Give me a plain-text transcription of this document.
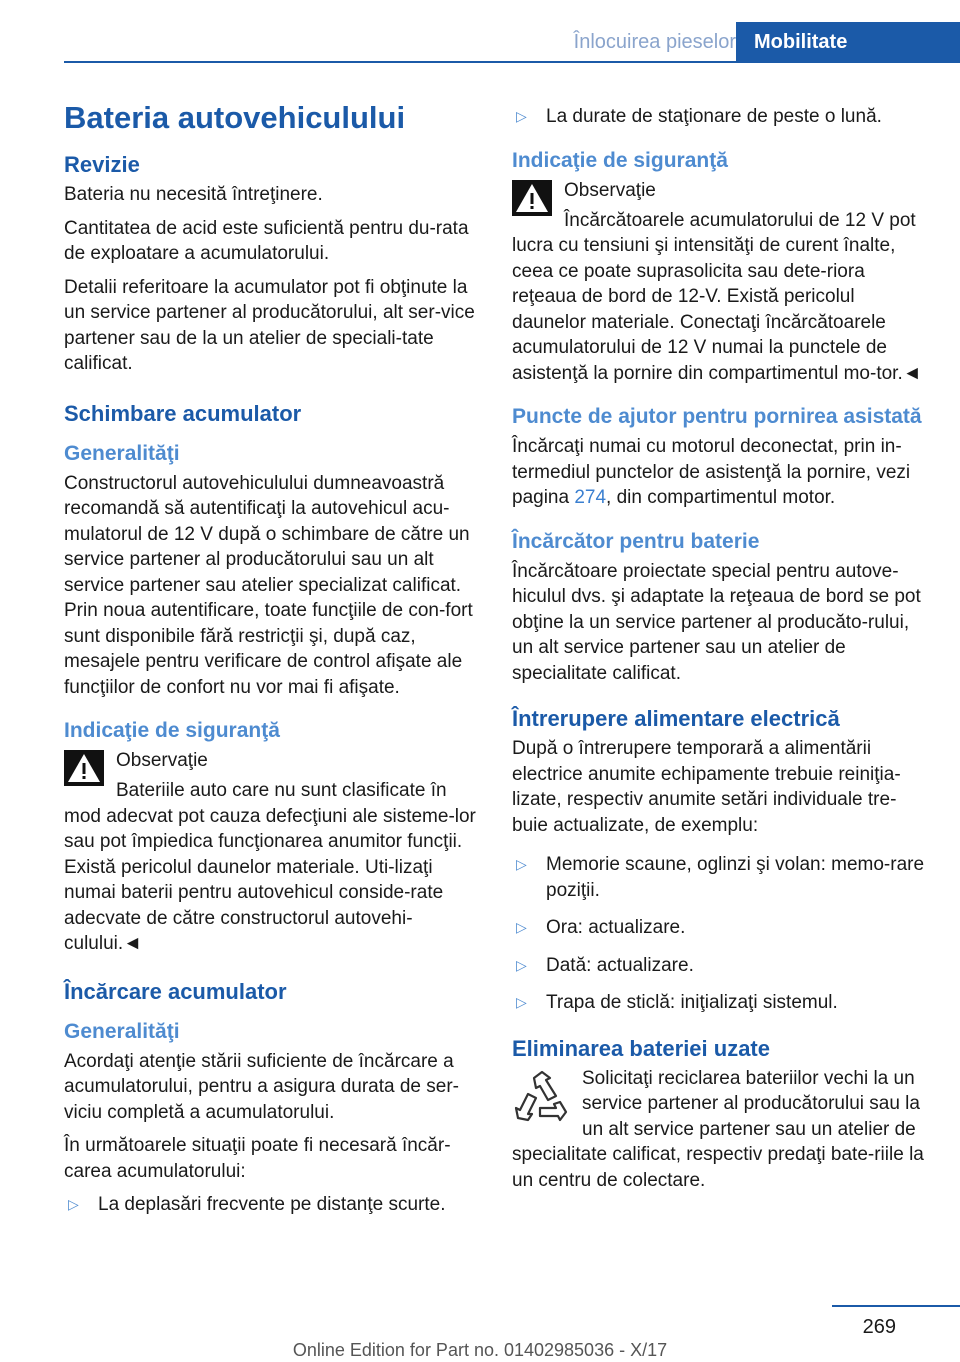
Înlocuirea pieselor Mobilitate
Bateria autovehiculului
Revizie

Bateria nu necesită întreţinere.

Cantitatea de acid este suficientă pentru du‐rata de exploatare a acumulatorului.

Detalii referitoare la acumulator pot fi obţinute la un service partener al producătorului, alt ser‐vice partener sau de la un atelier de speciali‐tate calificat.

Schimbare acumulator
Generalităţi

Constructorul autovehiculului dumneavoastră recomandă să autentificaţi la autovehicul acu‐mulatorul de 12 V după o schimbare de către un service partener al producătorului sau un alt service partener sau atelier specializat calificat. Prin noua autentificare, toate funcţiile de con‐fort sunt disponibile fără restricţii şi, după caz, mesajele pentru verificare de control afişate ale funcţiilor de confort nu vor mai fi afişate.

Indicaţie de siguranţă
Observaţie

Bateriile auto care nu sunt clasificate în mod adecvat pot cauza defecţiuni ale sisteme‐lor sau pot împiedica funcţionarea anumitor funcţii. Există pericolul daunelor materiale. Uti‐lizaţi numai baterii pentru autovehicul conside‐rate adecvate de către constructorul autovehi‐culului.◄

Încărcare acumulator
Generalităţi

Acordaţi atenţie stării suficiente de încărcare a acumulatorului, pentru a asigura durata de ser‐viciu completă a acumulatorului.

În următoarele situaţii poate fi necesară încăr‐carea acumulatorului:

▷ La deplasări frecvente pe distanţe scurte.
▷ La durate de staţionare de peste o lună.
Indicaţie de siguranţă
Observaţie

Încărcătoarele acumulatorului de 12 V pot lucra cu tensiuni şi intensităţi de curent înalte, ceea ce poate suprasolicita sau dete‐riora reţeaua de bord de 12-V. Există pericolul daunelor materiale. Conectaţi încărcătoarele acumulatorului de 12 V numai la punctele de asistenţă la pornire din compartimentul mo‐tor.◄

Puncte de ajutor pentru pornirea asistată

Încărcaţi numai cu motorul deconectat, prin in‐termediul punctelor de asistenţă la pornire, vezi pagina 274, din compartimentul motor.

Încărcător pentru baterie

Încărcătoare proiectate special pentru autove‐hiculul dvs. şi adaptate la reţeaua de bord se pot obţine la un service partener al producăto‐rului, un alt service partener sau un atelier de specialitate calificat.

Întrerupere alimentare electrică

După o întrerupere temporară a alimentării electrice anumite echipamente trebuie reiniţia‐lizate, respectiv anumite setări individuale tre‐buie actualizate, de exemplu:

▷ Memorie scaune, oglinzi şi volan: memo‐rare poziţii.
▷ Ora: actualizare.
▷ Dată: actualizare.
▷ Trapa de sticlă: iniţializaţi sistemul.
Eliminarea bateriei uzate

Solicitaţi reciclarea bateriilor vechi la un service partener al producătorului sau la un alt service partener sau un atelier de specialitate calificat, respectiv predaţi bate‐riile la un centru de colectare.

269
Online Edition for Part no. 01402985036 - X/17
